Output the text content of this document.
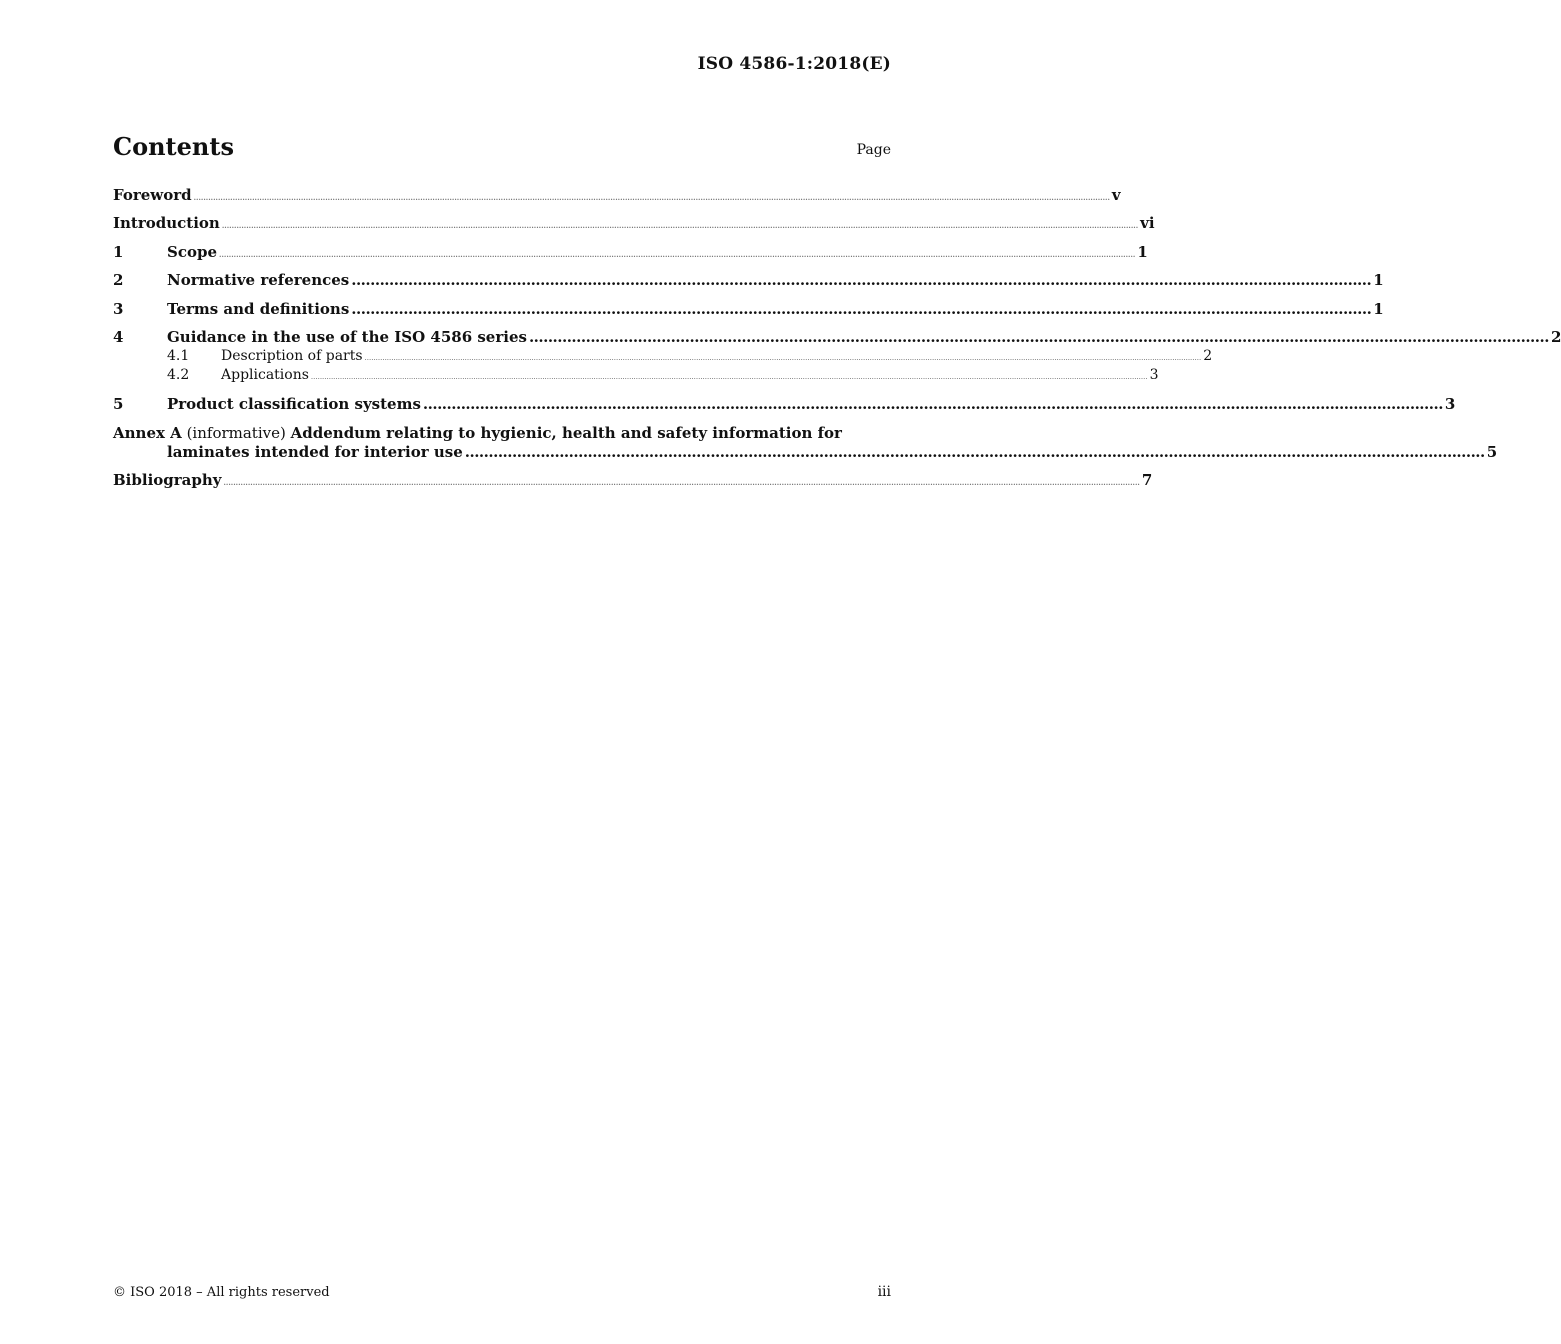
ISO 4586-1:2018(E)
Contents	Page
Foreword ........................................................................................................................................................................................................................................................................................................................................................................................ v
Introduction ........................................................................................................................................................................................................................................................................................................................................................................................ vi
1	Scope ........................................................................................................................................................................................................................................................................................................................................................................................ 1
2	Normative references ........................................................................................................................................................................................................................ 1
3	Terms and definitions ........................................................................................................................................................................................................................ 1
4	Guidance in the use of the ISO 4586 series ........................................................................................................................................................................................................................ 2
4.1	Description of parts ........................................................................................................................................................................................................................................................................................................................................................................................ 2
4.2	Applications ........................................................................................................................................................................................................................................................................................................................................................................................ 3
5	Product classification systems ........................................................................................................................................................................................................................ 3
Annex A (informative) Addendum relating to hygienic, health and safety information for
laminates intended for interior use ........................................................................................................................................................................................................................ 5
Bibliography ........................................................................................................................................................................................................................................................................................................................................................................................ 7
© ISO 2018 – All rights reserved	iii
